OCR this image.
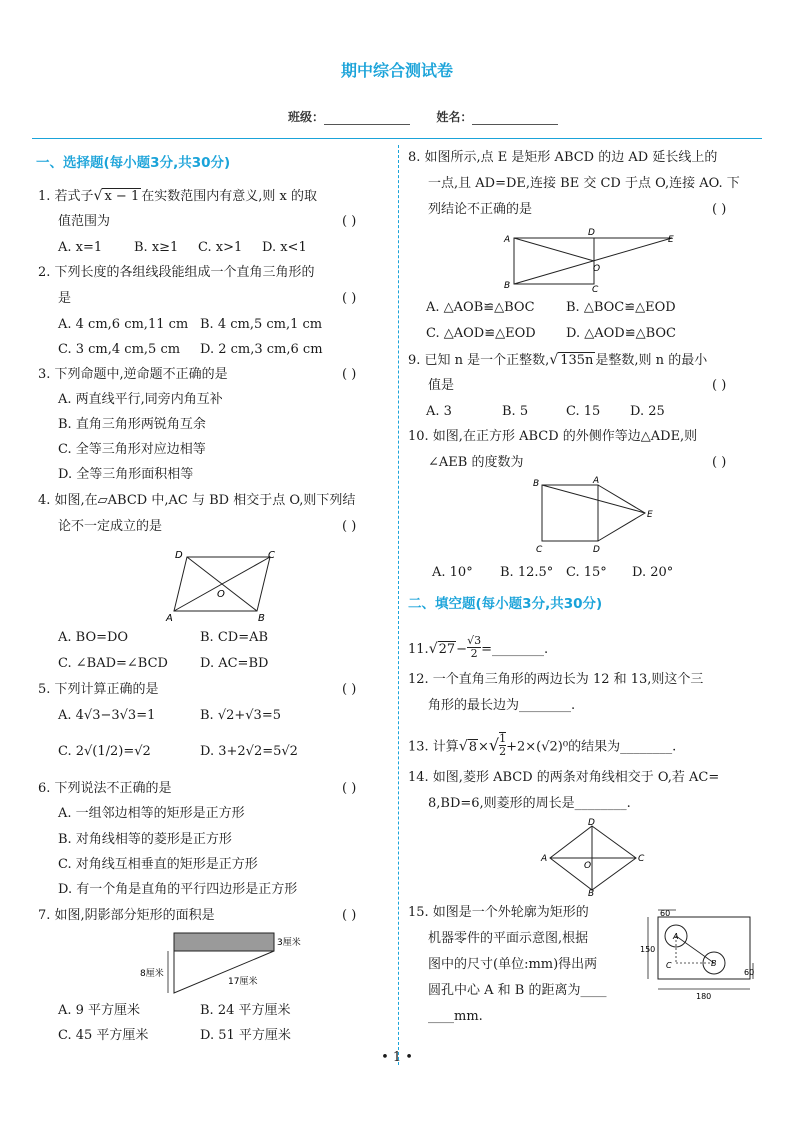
期中综合测试卷
班级：	姓名：
一、选择题(每小题3分,共30分)
1. 若式子√ x − 1 在实数范围内有意义,则 x 的取
值范围为	( )
A. x=1 B. x≥1 C. x>1 D. x<1
2. 下列长度的各组线段能组成一个直角三角形的
是	( )
A. 4 cm,6 cm,11 cm B. 4 cm,5 cm,1 cm
C. 3 cm,4 cm,5 cm D. 2 cm,3 cm,6 cm
3. 下列命题中,逆命题不正确的是	( )
A. 两直线平行,同旁内角互补
B. 直角三角形两锐角互余
C. 全等三角形对应边相等
D. 全等三角形面积相等
4. 如图,在▱ABCD 中,AC 与 BD 相交于点 O,则下列结
论不一定成立的是	( )
D	C
A	B
O
A. BO=DO	B. CD=AB
C. ∠BAD=∠BCD D. AC=BD
5. 下列计算正确的是	( )
A. 4√3−3√3=1	B. √2+√3=5
C. 2√(1/2)=√2	D. 3+2√2=5√2
6. 下列说法不正确的是	( )
A. 一组邻边相等的矩形是正方形
B. 对角线相等的菱形是正方形
C. 对角线互相垂直的矩形是正方形
D. 有一个角是直角的平行四边形是正方形
7. 如图,阴影部分矩形的面积是	( )
3厘米
8厘米
17厘米
A. 9 平方厘米	B. 24 平方厘米
C. 45 平方厘米	D. 51 平方厘米
8. 如图所示,点 E 是矩形 ABCD 的边 AD 延长线上的
一点,且 AD=DE,连接 BE 交 CD 于点 O,连接 AO. 下
列结论不正确的是	( )
A
D
E
B	C
O
A. △AOB≌△BOC B. △BOC≌△EOD
C. △AOD≌△EOD D. △AOD≌△BOC
9. 已知 n 是一个正整数,√ 135n 是整数,则 n 的最小
值是	( )
A. 3	B. 5	C. 15 D. 25
10. 如图,在正方形 ABCD 的外侧作等边△ADE,则
∠AEB 的度数为	( )
B	A
E
C	D
A. 10° B. 12.5° C. 15° D. 20°
二、填空题(每小题3分,共30分)
$11.√27- \frac{√3}{2}$ =________.
12. 一个直角三角形的两边长为 12 和 13,则这个三
角形的最长边为________.
13. 计算$√8\times√ \frac{1}{2} +2\times(√2)^0$的结果为________.
14. 如图,菱形 ABCD 的两条对角线相交于 O,若 AC=
8,BD=6,则菱形的周长是________.
D
A	C
B
O
15. 如图是一个外轮廓为矩形的
机器零件的平面示意图,根据
图中的尺寸(单位:mm)得出两
圆孔中心 A 和 B 的距离为____
____mm.
60
150
180
60
A
B
C
• 1 •
